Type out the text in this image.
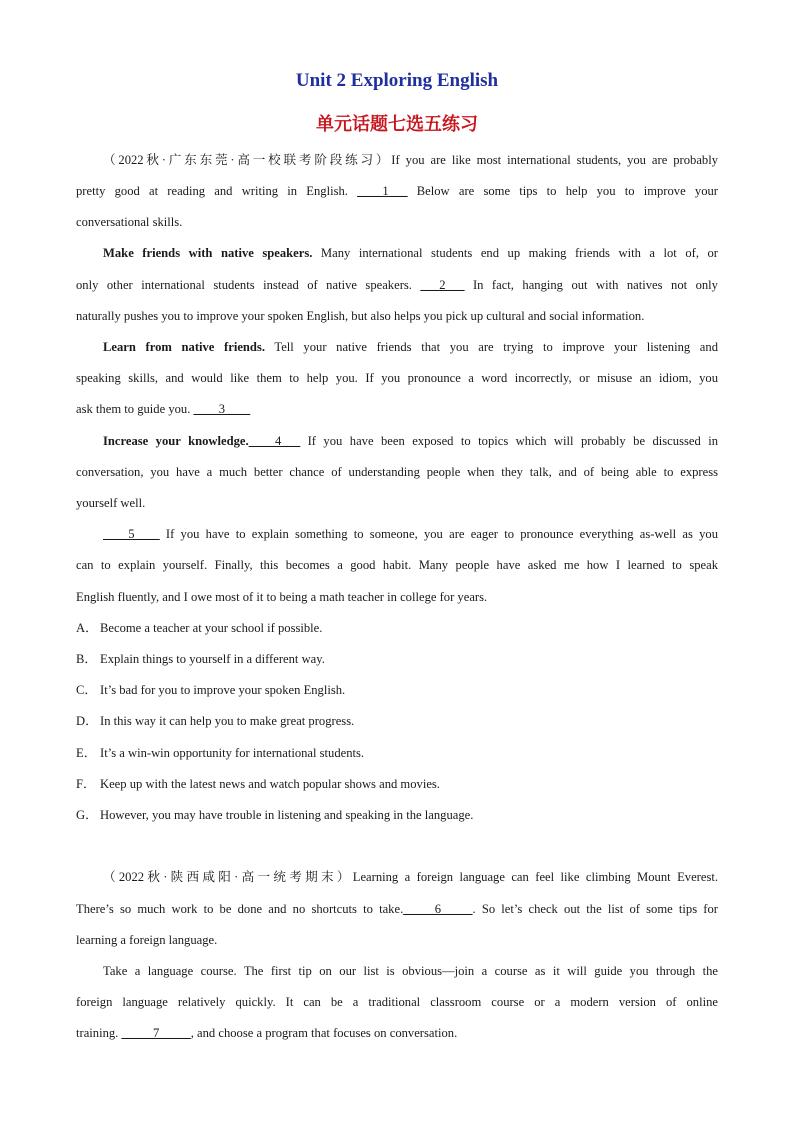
Unit 2 Exploring English
单元话题七选五练习
（2022秋·广东东莞·高一校联考阶段练习）If you are like most international students, you are probably
pretty good at reading and writing in English. ____1___ Below are some tips to help you to improve your
conversational skills.
Make friends with native speakers. Many international students end up making friends with a lot of, or
only other international students instead of native speakers. ___2___ In fact, hanging out with natives not only
naturally pushes you to improve your spoken English, but also helps you pick up cultural and social information.
Learn from native friends. Tell your native friends that you are trying to improve your listening and
speaking skills, and would like them to help you. If you pronounce a word incorrectly, or misuse an idiom, you
ask them to guide you. ____3____
Increase your knowledge. ___4___ If you have been exposed to topics which will probably be discussed in
conversation, you have a much better chance of understanding people when they talk, and of being able to express
yourself well.
____5____ If you have to explain something to someone, you are eager to pronounce everything as-well as you
can to explain yourself. Finally, this becomes a good habit. Many people have asked me how I learned to speak
English fluently, and I owe most of it to being a math teacher in college for years.
A． Become a teacher at your school if possible.
B． Explain things to yourself in a different way.
C． It’s bad for you to improve your spoken English.
D． In this way it can help you to make great progress.
E． It’s a win-win opportunity for international students.
F． Keep up with the latest news and watch popular shows and movies.
G． However, you may have trouble in listening and speaking in the language.
（2022秋·陕西咸阳·高一统考期末）Learning a foreign language can feel like climbing Mount Everest.
There’s so much work to be done and no shortcuts to take._____6_____. So let’s check out the list of some tips for
learning a foreign language.
Take a language course. The first tip on our list is obvious—join a course as it will guide you through the
foreign language relatively quickly. It can be a traditional classroom course or a modern version of online
training. _____7_____, and choose a program that focuses on conversation.
